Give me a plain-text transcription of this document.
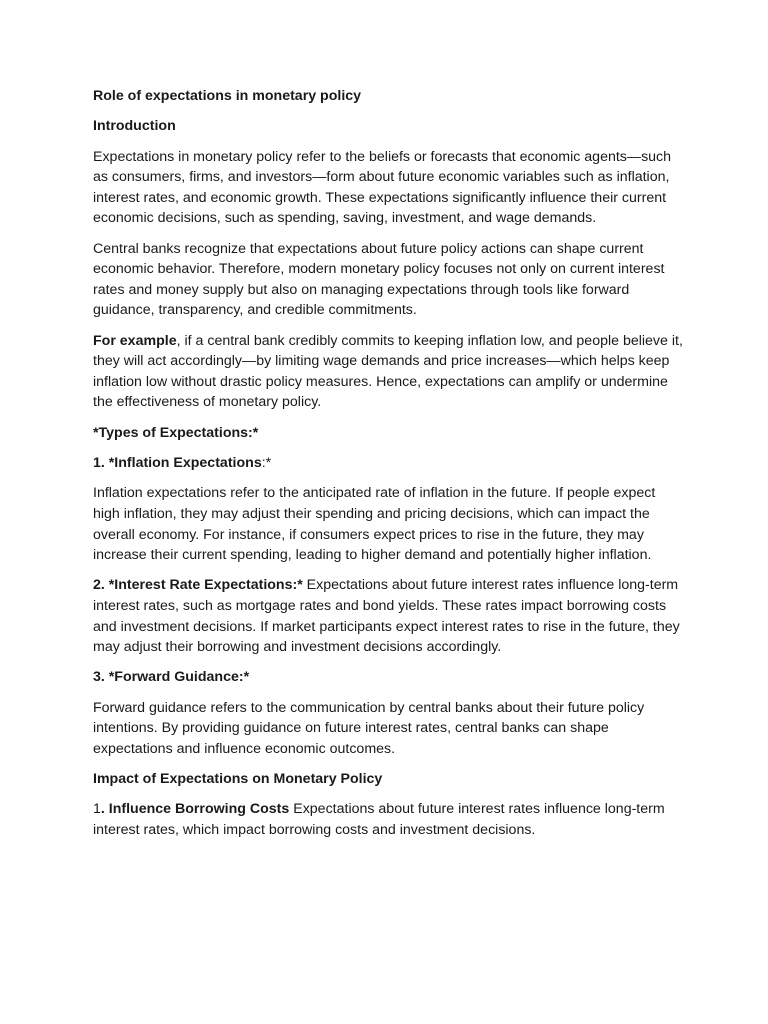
Role of expectations in monetary policy

Introduction

Expectations in monetary policy refer to the beliefs or forecasts that economic agents—such as consumers, firms, and investors—form about future economic variables such as inflation, interest rates, and economic growth. These expectations significantly influence their current economic decisions, such as spending, saving, investment, and wage demands.

Central banks recognize that expectations about future policy actions can shape current economic behavior. Therefore, modern monetary policy focuses not only on current interest rates and money supply but also on managing expectations through tools like forward guidance, transparency, and credible commitments.

For example, if a central bank credibly commits to keeping inflation low, and people believe it, they will act accordingly—by limiting wage demands and price increases—which helps keep inflation low without drastic policy measures. Hence, expectations can amplify or undermine the effectiveness of monetary policy.

*Types of Expectations:*

1. *Inflation Expectations:*

Inflation expectations refer to the anticipated rate of inflation in the future. If people expect high inflation, they may adjust their spending and pricing decisions, which can impact the overall economy. For instance, if consumers expect prices to rise in the future, they may increase their current spending, leading to higher demand and potentially higher inflation.

2. *Interest Rate Expectations:* Expectations about future interest rates influence long-term interest rates, such as mortgage rates and bond yields. These rates impact borrowing costs and investment decisions. If market participants expect interest rates to rise in the future, they may adjust their borrowing and investment decisions accordingly.

3. *Forward Guidance:*

Forward guidance refers to the communication by central banks about their future policy intentions. By providing guidance on future interest rates, central banks can shape expectations and influence economic outcomes.

Impact of Expectations on Monetary Policy

1. Influence Borrowing Costs Expectations about future interest rates influence long-term interest rates, which impact borrowing costs and investment decisions.
